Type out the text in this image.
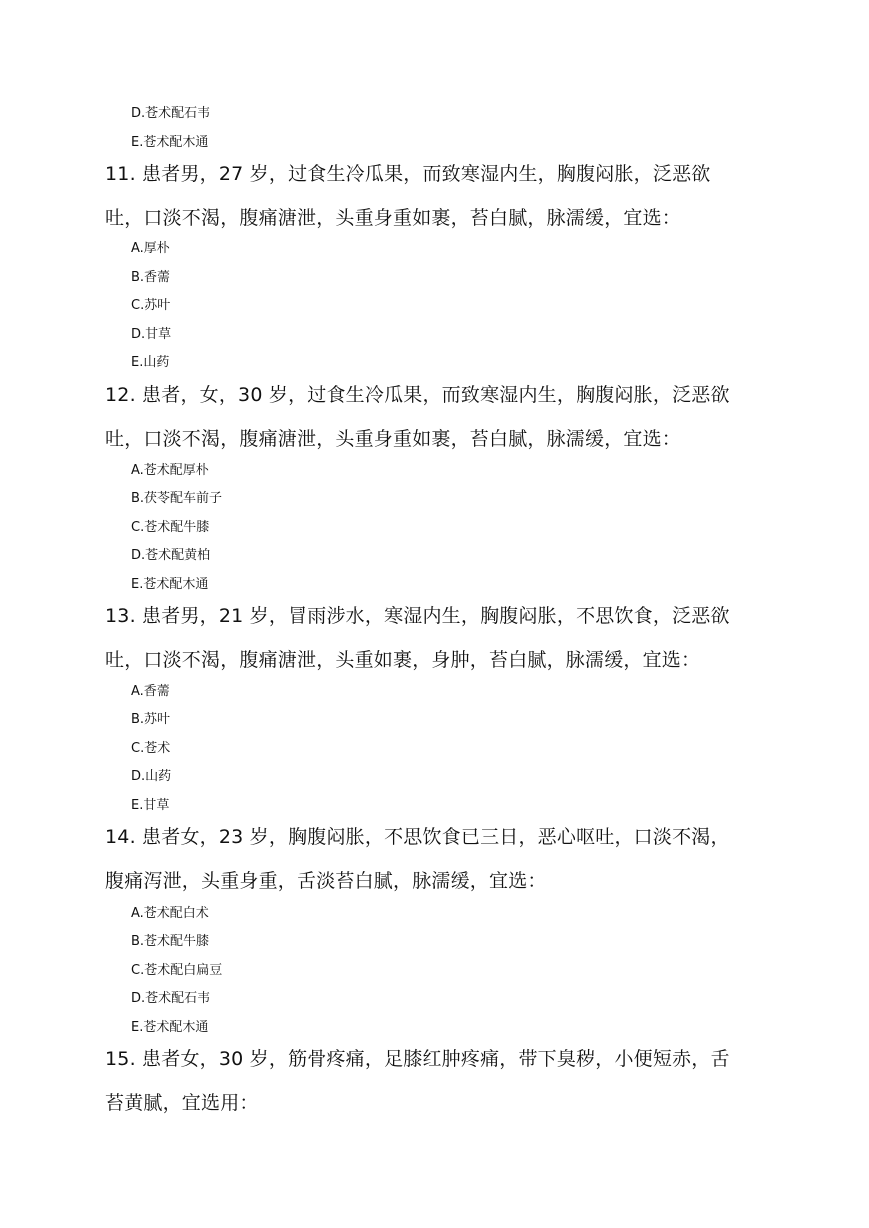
D.苍术配石韦
E.苍术配木通
11. 患者男，27 岁，过食生冷瓜果，而致寒湿内生，胸腹闷胀，泛恶欲
吐，口淡不渴，腹痛溏泄，头重身重如裹，苔白腻，脉濡缓，宜选：
A.厚朴
B.香薷
C.苏叶
D.甘草
E.山药
12. 患者，女，30 岁，过食生冷瓜果，而致寒湿内生，胸腹闷胀，泛恶欲
吐，口淡不渴，腹痛溏泄，头重身重如裹，苔白腻，脉濡缓，宜选：
A.苍术配厚朴
B.茯苓配车前子
C.苍术配牛膝
D.苍术配黄柏
E.苍术配木通
13. 患者男，21 岁，冒雨涉水，寒湿内生，胸腹闷胀，不思饮食，泛恶欲
吐，口淡不渴，腹痛溏泄，头重如裹，身肿，苔白腻，脉濡缓，宜选：
A.香薷
B.苏叶
C.苍术
D.山药
E.甘草
14. 患者女，23 岁，胸腹闷胀，不思饮食已三日，恶心呕吐，口淡不渴，
腹痛泻泄，头重身重，舌淡苔白腻，脉濡缓，宜选：
A.苍术配白术
B.苍术配牛膝
C.苍术配白扁豆
D.苍术配石韦
E.苍术配木通
15. 患者女，30 岁，筋骨疼痛，足膝红肿疼痛，带下臭秽，小便短赤，舌
苔黄腻，宜选用：
